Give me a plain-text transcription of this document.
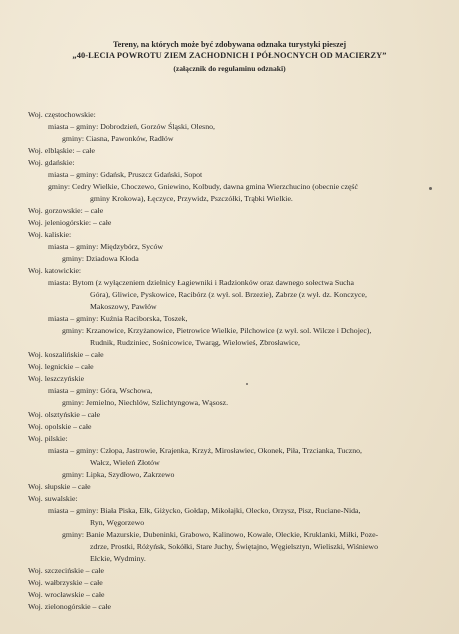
Tereny, na których może być zdobywana odznaka turystyki pieszej
„40-LECIA POWROTU ZIEM ZACHODNICH I PÓŁNOCNYCH OD MACIERZY”
(załącznik do regulaminu odznaki)
Woj. częstochowskie:
miasta – gminy: Dobrodzień, Gorzów Śląski, Olesno,
gminy: Ciasna, Pawonków, Radłów
Woj. elbląskie: – całe
Woj. gdańskie:
miasta – gminy: Gdańsk, Pruszcz Gdański, Sopot
gminy: Cedry Wielkie, Choczewo, Gniewino, Kolbudy, dawna gmina Wierzchucino (obecnie część
gminy Krokowa), Łęczyce, Przywidz, Pszczółki, Trąbki Wielkie.
Woj. gorzowskie: – całe
Woj. jeleniogórskie: – całe
Woj. kaliskie:
miasta – gminy: Międzybórz, Syców
gminy: Dziadowa Kłoda
Woj. katowickie:
miasta: Bytom (z wyłączeniem dzielnicy Łagiewniki i Radzionków oraz dawnego sołectwa Sucha
Góra), Gliwice, Pyskowice, Racibórz (z wył. sol. Brzezie), Zabrze (z wył. dz. Konczyce,
Makoszowy, Pawłów
miasta – gminy: Kuźnia Raciborska, Toszek,
gminy: Krzanowice, Krzyżanowice, Pietrowice Wielkie, Pilchowice (z wył. sol. Wilcze i Dchojec),
Rudnik, Rudziniec, Sośnicowice, Twarąg, Wielowieś, Zbrosławice,
Woj. koszalińskie – całe
Woj. legnickie – całe
Woj. leszczyńskie
miasta – gminy: Góra, Wschowa,
gminy: Jemielno, Niechlów, Szlichtyngowa, Wąsosz.
Woj. olsztyńskie – całe
Woj. opolskie – całe
Woj. pilskie:
miasta – gminy: Człopa, Jastrowie, Krajenka, Krzyż, Mirosławiec, Okonek, Piła, Trzcianka, Tuczno,
Wałcz, Wieleń Złotów
gminy: Lipka, Szydłowo, Zakrzewo
Woj. słupskie – całe
Woj. suwalskie:
miasta – gminy: Biała Piska, Ełk, Giżycko, Gołdap, Mikołajki, Olecko, Orzysz, Pisz, Ruciane-Nida,
Ryn, Węgorzewo
gminy: Banie Mazurskie, Dubeninki, Grabowo, Kalinowo, Kowale, Oleckie, Kruklanki, Miłki, Poze-
zdrze, Prostki, Różyńsk, Sokółki, Stare Juchy, Świętajno, Węgielsztyn, Wieliszki, Wiśniewo
Ełckie, Wydminy.
Woj. szczecińskie – całe
Woj. wałbrzyskie – całe
Woj. wrocławskie – całe
Woj. zielonogórskie – całe
